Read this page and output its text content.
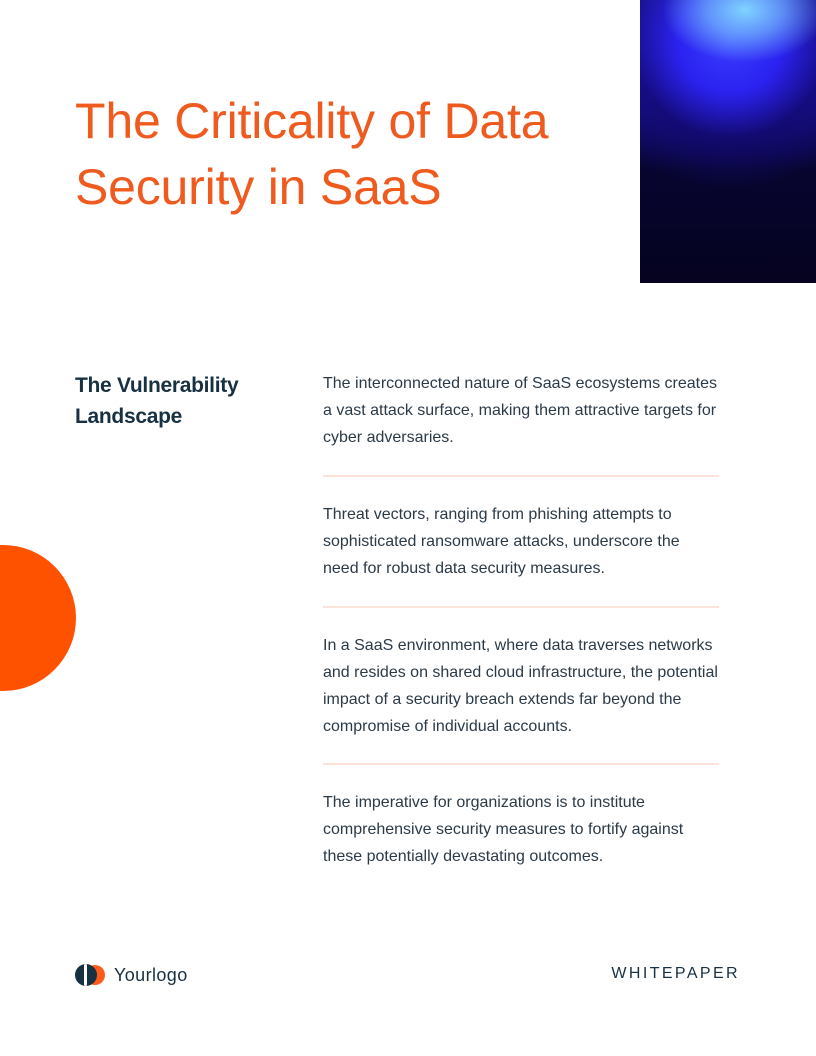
The Criticality of Data Security in SaaS
The Vulnerability Landscape

The interconnected nature of SaaS ecosystems creates a vast attack surface, making them attractive targets for cyber adversaries.

Threat vectors, ranging from phishing attempts to sophisticated ransomware attacks, underscore the need for robust data security measures.

In a SaaS environment, where data traverses networks and resides on shared cloud infrastructure, the potential impact of a security breach extends far beyond the compromise of individual accounts.

The imperative for organizations is to institute comprehensive security measures to fortify against these potentially devastating outcomes.

Yourlogo	WHITEPAPER
